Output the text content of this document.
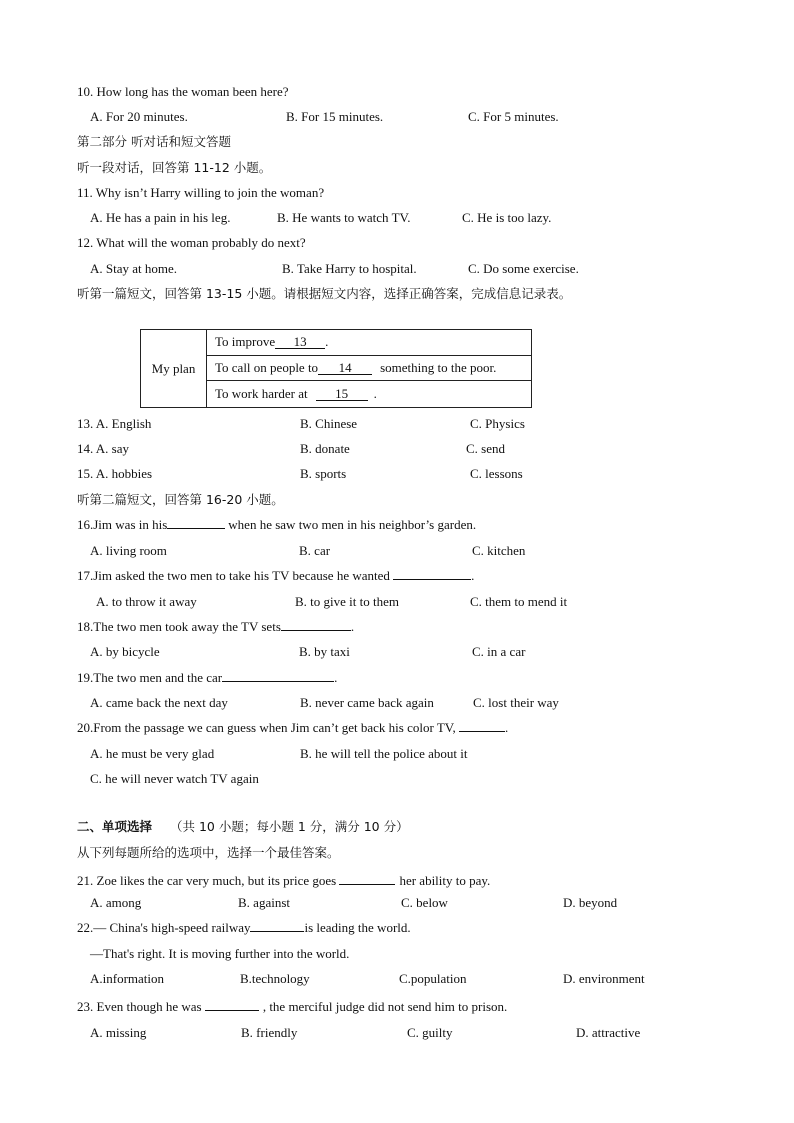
10. How long has the woman been here?
A. For 20 minutes.	B. For 15 minutes.	C. For 5 minutes.
第二部分 听对话和短文答题
听一段对话，回答第 11-12 小题。
11. Why isn’t Harry willing to join the woman?
A. He has a pain in his leg.	B. He wants to watch TV.	C. He is too lazy.
12. What will the woman probably do next?
A. Stay at home.	B. Take Harry to hospital.	C. Do some exercise.
听第一篇短文，回答第 13-15 小题。请根据短文内容，选择正确答案，完成信息记录表。
My plan
To improve	13	.
To call on people to	14	something to the poor.
To work harder at	15	.
13. A. English	B. Chinese	C. Physics
14. A. say	B. donate	C. send
15. A. hobbies	B. sports	C. lessons
听第二篇短文，回答第 16-20 小题。
16.Jim was in his	when he saw two men in his neighbor’s garden.
A. living room	B. car	C. kitchen
17.Jim asked the two men to take his TV because he wanted	.
A. to throw it away	B. to give it to them	C. them to mend it
18.The two men took away the TV sets	.
A. by bicycle	B. by taxi	C. in a car
19.The two men and the car	.
A. came back the next day	B. never came back again	C. lost their way
20.From the passage we can guess when Jim can’t get back his color TV,	.
A. he must be very glad	B. he will tell the police about it
C. he will never watch TV again
二、单项选择 （共 10 小题；每小题 1 分，满分 10 分）
从下列每题所给的选项中，选择一个最佳答案。
21. Zoe likes the car very much, but its price goes	her ability to pay.
A. among	B. against	C. below	D. beyond
22.— China's high-speed railway	is leading the world.
—That's right. It is moving further into the world.
A.information	B.technology	C.population	D. environment
23. Even though he was	, the merciful judge did not send him to prison.
A. missing	B. friendly	C. guilty	D. attractive
